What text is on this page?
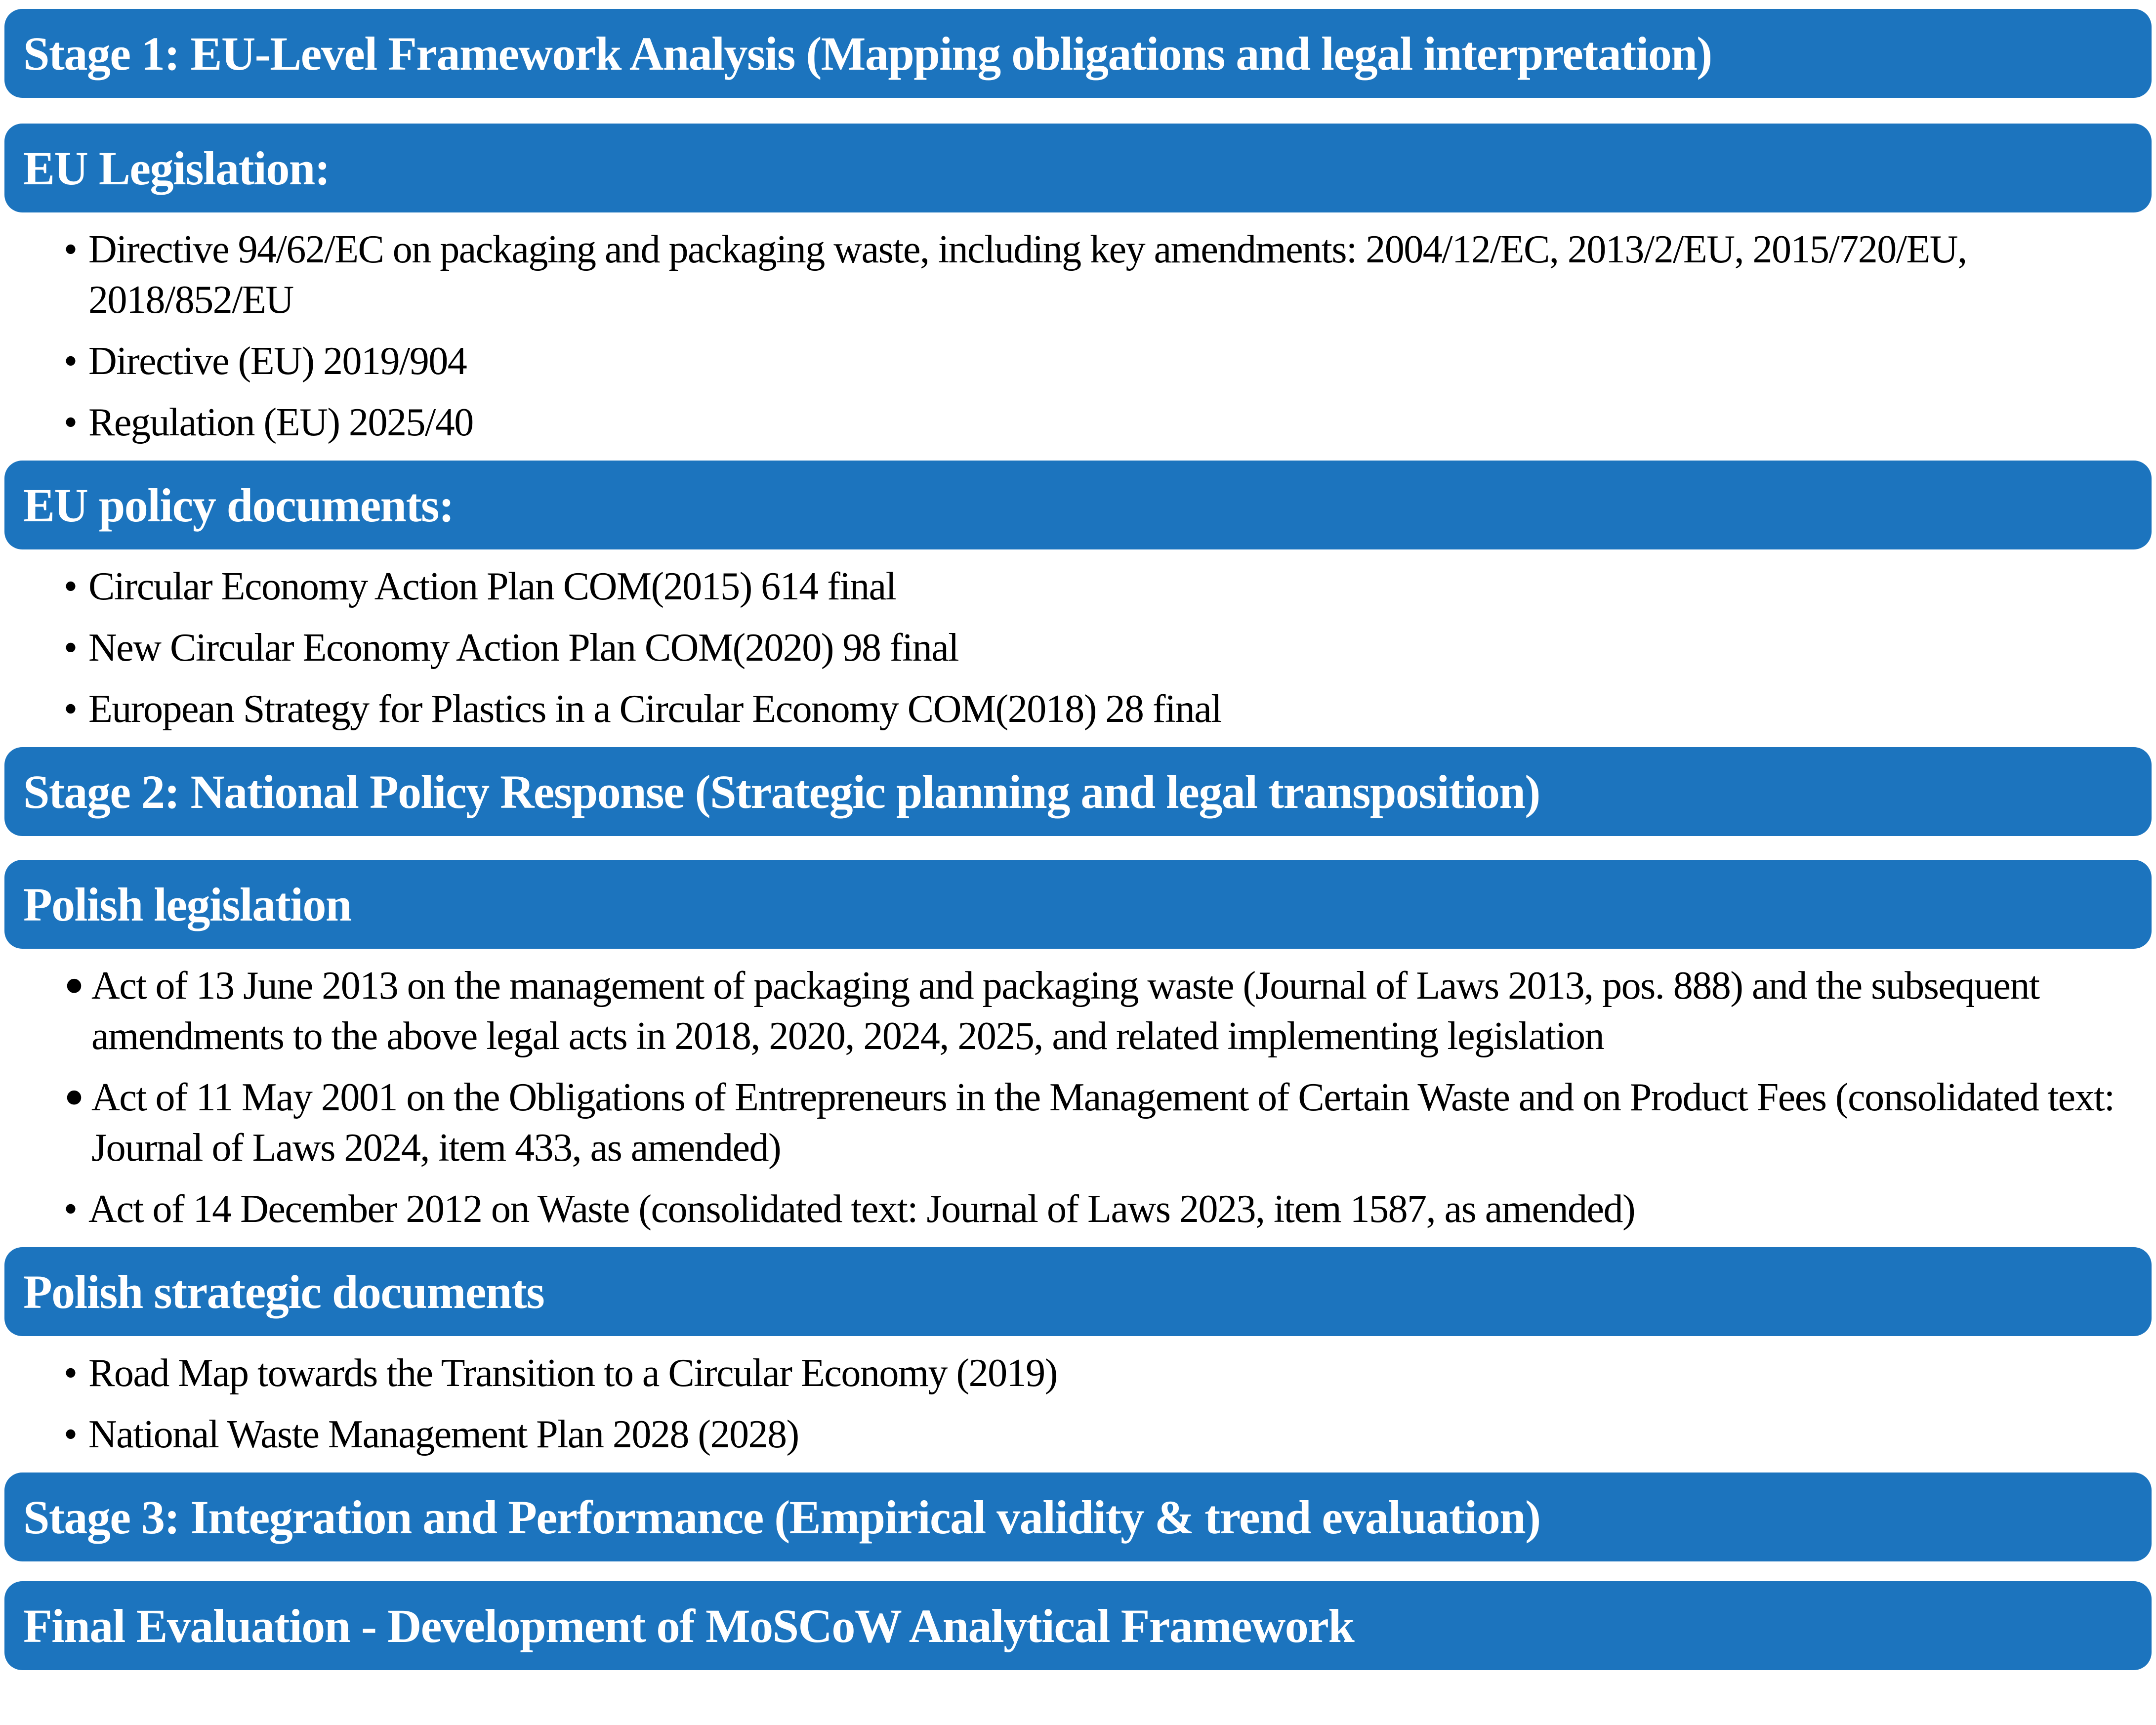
Stage 1: EU-Level Framework Analysis (Mapping obligations and legal interpretation)
EU Legislation:
• Directive 94/62/EC on packaging and packaging waste, including key amendments: 2004/12/EC, 2013/2/EU, 2015/720/EU, 2018/852/EU
• Directive (EU) 2019/904
• Regulation (EU) 2025/40
EU policy documents:
• Circular Economy Action Plan COM(2015) 614 final
• New Circular Economy Action Plan COM(2020) 98 final
• European Strategy for Plastics in a Circular Economy COM(2018) 28 final
Stage 2: National Policy Response (Strategic planning and legal transposition)
Polish legislation
• Act of 13 June 2013 on the management of packaging and packaging waste (Journal of Laws 2013, pos. 888) and the subsequent amendments to the above legal acts in 2018, 2020, 2024, 2025, and related implementing legislation
• Act of 11 May 2001 on the Obligations of Entrepreneurs in the Management of Certain Waste and on Product Fees (consolidated text: Journal of Laws 2024, item 433, as amended)
• Act of 14 December 2012 on Waste (consolidated text: Journal of Laws 2023, item 1587, as amended)
Polish strategic documents
• Road Map towards the Transition to a Circular Economy (2019)
• National Waste Management Plan 2028 (2028)
Stage 3: Integration and Performance (Empirical validity & trend evaluation)
Final Evaluation - Development of MoSCoW Analytical Framework
